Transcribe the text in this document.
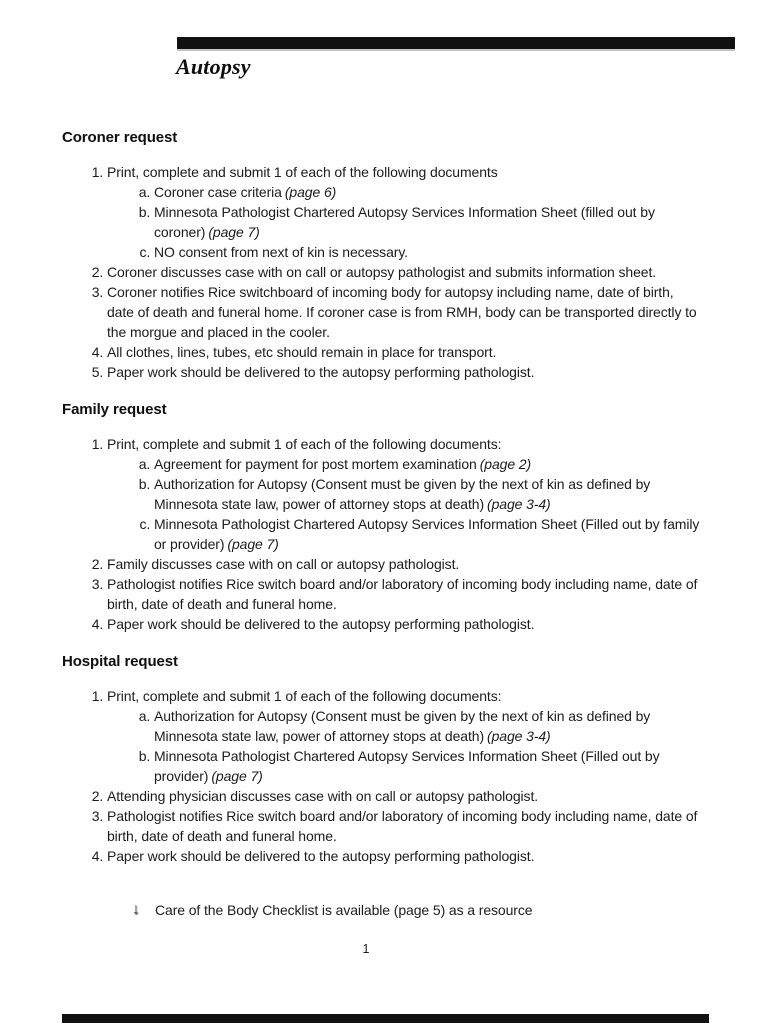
Autopsy
Coroner request
1. Print, complete and submit 1 of each of the following documents
a. Coroner case criteria (page 6)
b. Minnesota Pathologist Chartered Autopsy Services Information Sheet (filled out by coroner) (page 7)
c. NO consent from next of kin is necessary.
2. Coroner discusses case with on call or autopsy pathologist and submits information sheet.
3. Coroner notifies Rice switchboard of incoming body for autopsy including name, date of birth, date of death and funeral home. If coroner case is from RMH, body can be transported directly to the morgue and placed in the cooler.
4. All clothes, lines, tubes, etc should remain in place for transport.
5. Paper work should be delivered to the autopsy performing pathologist.
Family request
1. Print, complete and submit 1 of each of the following documents:
a. Agreement for payment for post mortem examination (page 2)
b. Authorization for Autopsy (Consent must be given by the next of kin as defined by Minnesota state law, power of attorney stops at death) (page 3-4)
c. Minnesota Pathologist Chartered Autopsy Services Information Sheet (Filled out by family or provider) (page 7)
2. Family discusses case with on call or autopsy pathologist.
3. Pathologist notifies Rice switch board and/or laboratory of incoming body including name, date of birth, date of death and funeral home.
4. Paper work should be delivered to the autopsy performing pathologist.
Hospital request
1. Print, complete and submit 1 of each of the following documents:
a. Authorization for Autopsy (Consent must be given by the next of kin as defined by Minnesota state law, power of attorney stops at death) (page 3-4)
b. Minnesota Pathologist Chartered Autopsy Services Information Sheet (Filled out by provider) (page 7)
2. Attending physician discusses case with on call or autopsy pathologist.
3. Pathologist notifies Rice switch board and/or laboratory of incoming body including name, date of birth, date of death and funeral home.
4. Paper work should be delivered to the autopsy performing pathologist.
↓
Care of the Body Checklist is available (page 5) as a resource
1
